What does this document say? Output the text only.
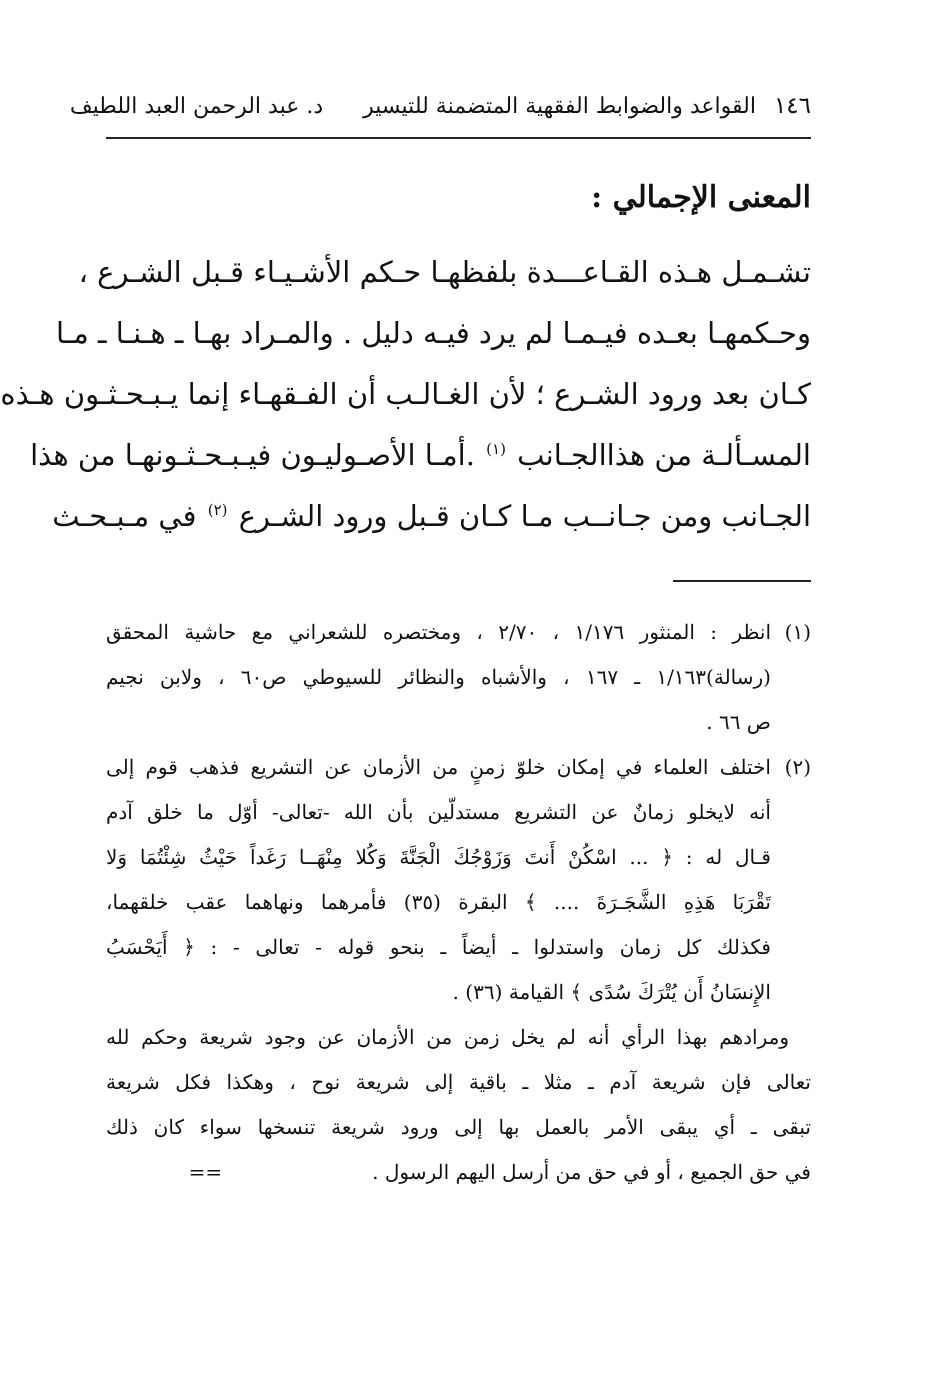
١٤٦
القواعد والضوابط الفقهية المتضمنة للتيسير
د. عبد الرحمن العبد اللطيف
المعنى الإجمالي :
تشـمـل هـذه القـاعـــدة بلفظهـا حـكم الأشـيـاء قـبل الشـرع ،
وحـكمهـا بعـده فيـمـا لم يرد فيـه دليل . والمـراد بهـا ـ هـنـا ـ مـا
كـان بعد ورود الشـرع ؛ لأن الغـالـب أن الفـقهـاء إنما يـبـحـثـون هـذه
المسـألـة من هذاالجـانب $^{(١)}$ .أمـا الأصـوليـون فيـبـحـثـونهـا من هذا
الجـانب ومن جـانــب مـا كـان قـبل ورود الشـرع $^{(٢)}$ في مـبـحـث
(١)انظر : المنثور ١/١٧٦ ، ٢/٧٠ ، ومختصره للشعراني مع حاشية المحقق
(رسالة)١/١٦٣ ـ ١٦٧ ، والأشباه والنظائر للسيوطي ص٦٠ ، ولابن نجيم
ص ٦٦ .
(٢)اختلف العلماء في إمكان خلوّ زمنٍ من الأزمان عن التشريع فذهب قوم إلى
أنه لايخلو زمانٌ عن التشريع مستدلّين بأن الله -تعالى- أوّل ما خلق آدم
قـال له : ﴿ ... اسْكُنْ أَنتَ وَزَوْجُكَ الْجَنَّةَ وَكُلا مِنْهَــا رَغَداً حَيْثُ شِئْتُمَا وَلا
تَقْرَبَا هَذِهِ الشَّجَـرَةَ .... ﴾ البقرة (٣٥) فأمرهما ونهاهما عقب خلقهما،
فكذلك كل زمان واستدلوا ـ أيضاً ـ بنحو قوله - تعالى - : ﴿ أَيَحْسَبُ
الإِنسَانُ أَن يُتْرَكَ سُدًى ﴾ القيامة (٣٦) .
ومرادهم بهذا الرأي أنه لم يخل زمن من الأزمان عن وجود شريعة وحكم لله
تعالى فإن شريعة آدم ـ مثلا ـ باقية إلى شريعة نوح ، وهكذا فكل شريعة
تبقى ـ أي يبقى الأمر بالعمل بها إلى ورود شريعة تنسخها سواء كان ذلك
في حق الجميع ، أو في حق من أرسل اليهم الرسول .==
